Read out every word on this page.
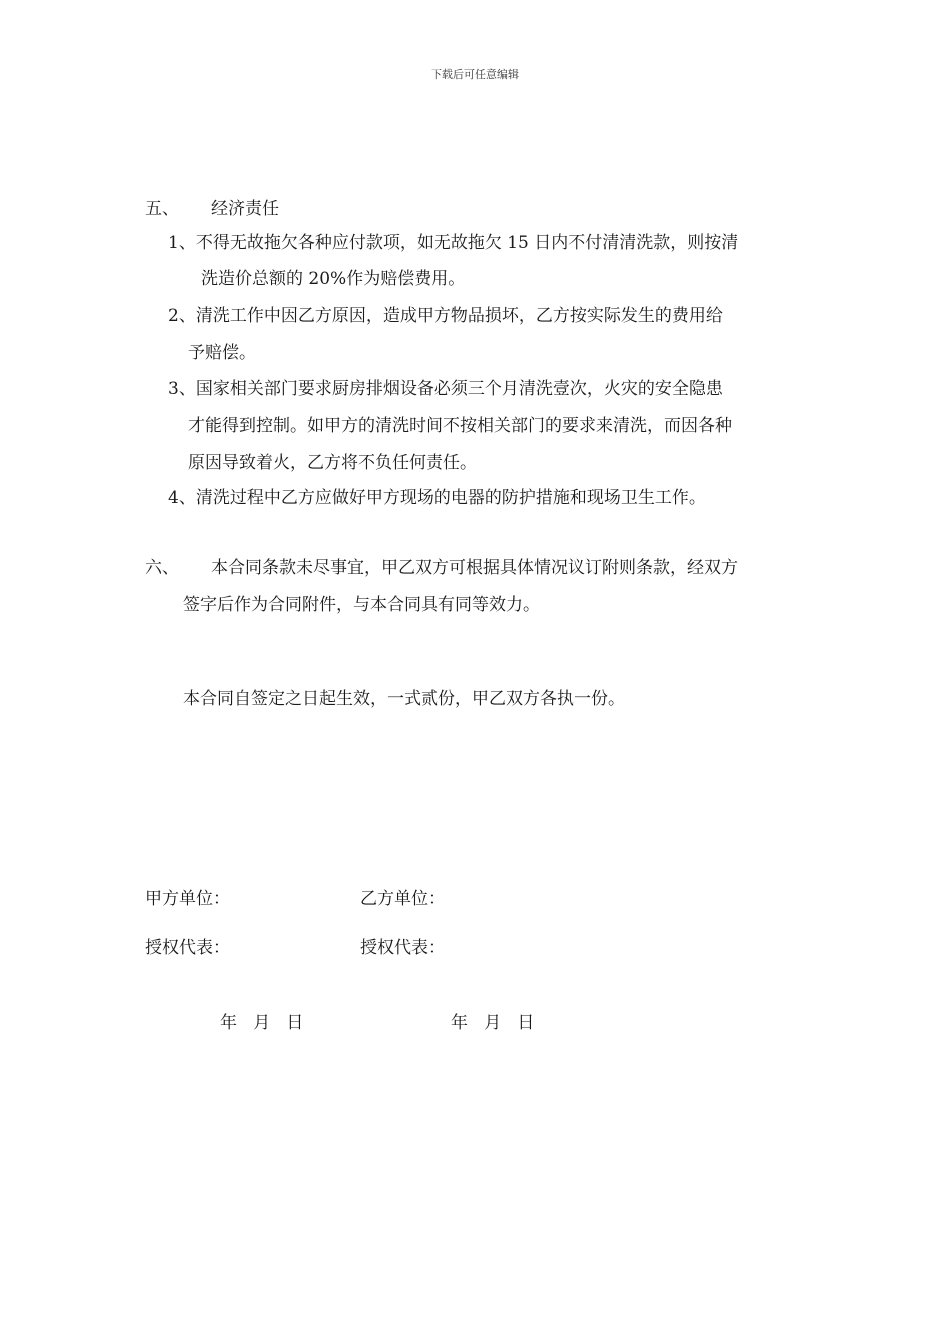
下载后可任意编辑
五、 经济责任
1、不得无故拖欠各种应付款项，如无故拖欠 15 日内不付清清洗款，则按清
洗造价总额的 20%作为赔偿费用。
2、清洗工作中因乙方原因，造成甲方物品损坏，乙方按实际发生的费用给
予赔偿。
3、国家相关部门要求厨房排烟设备必须三个月清洗壹次，火灾的安全隐患
才能得到控制。如甲方的清洗时间不按相关部门的要求来清洗，而因各种
原因导致着火，乙方将不负任何责任。
4、清洗过程中乙方应做好甲方现场的电器的防护措施和现场卫生工作。
六、 本合同条款未尽事宜，甲乙双方可根据具体情况议订附则条款，经双方
签字后作为合同附件，与本合同具有同等效力。
本合同自签定之日起生效，一式贰份，甲乙双方各执一份。
甲方单位：	乙方单位：
授权代表：	授权代表：
年   月   日	年   月   日
